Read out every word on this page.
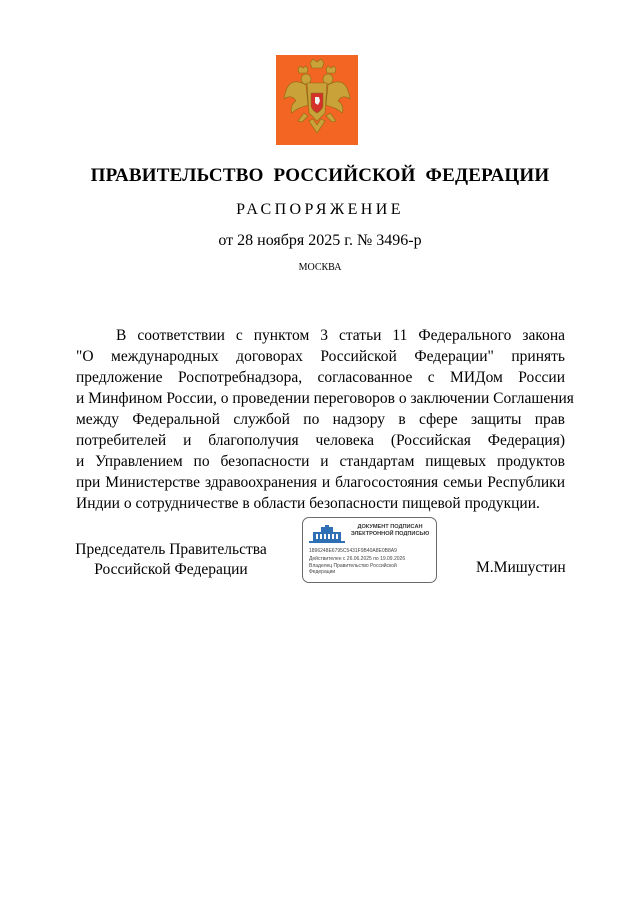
ПРАВИТЕЛЬСТВО РОССИЙСКОЙ ФЕДЕРАЦИИ
РАСПОРЯЖЕНИЕ
от 28 ноября 2025 г. № 3496-р
МОСКВА
В соответствии с пунктом 3 статьи 11 Федерального закона
"О международных договорах Российской Федерации" принять
предложение Роспотребнадзора, согласованное с МИДом России
и Минфином России, о проведении переговоров о заключении Соглашения
между Федеральной службой по надзору в сфере защиты прав
потребителей и благополучия человека (Российская Федерация)
и Управлением по безопасности и стандартам пищевых продуктов
при Министерстве здравоохранения и благосостояния семьи Республики
Индии о сотрудничестве в области безопасности пищевой продукции.
Председатель Правительства
Российской Федерации
ДОКУМЕНТ ПОДПИСАН
ЭЛЕКТРОННОЙ ПОДПИСЬЮ
1896248E6795C5431F9B40A8E0B8A9
Действителен с 26.06.2025 по 19.09.2026
Владелец Правительство Российской
Федерации	М.Мишустин
